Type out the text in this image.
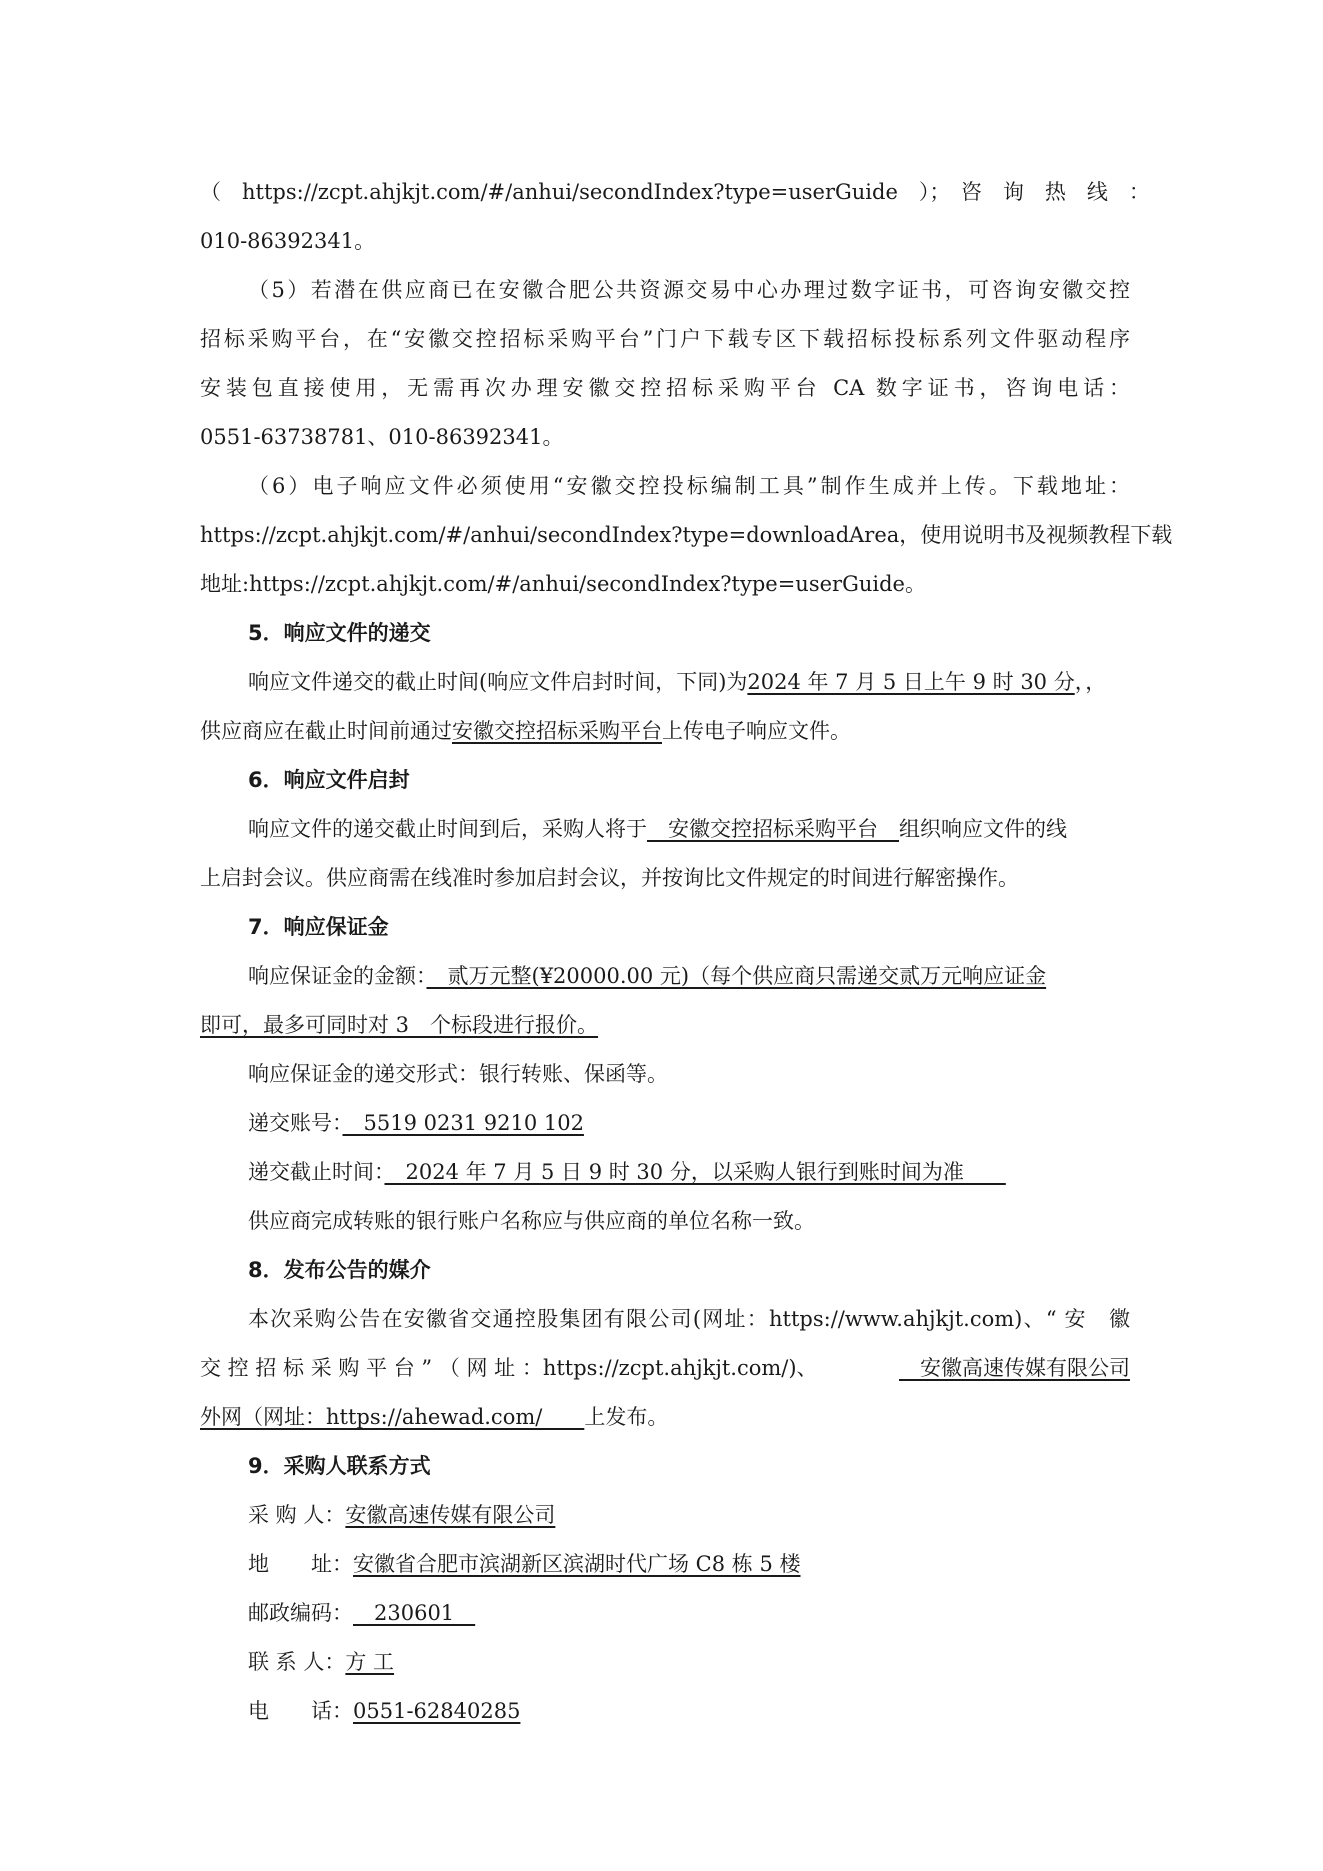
（　https://zcpt.ahjkjt.com/#/anhui/secondIndex?type=userGuide　）；　咨　询　热　线　：
010-86392341。
（5）若潜在供应商已在安徽合肥公共资源交易中心办理过数字证书，可咨询安徽交控
招标采购平台，在“安徽交控招标采购平台”门户下载专区下载招标投标系列文件驱动程序
安装包直接使用，无需再次办理安徽交控招标采购平台 CA 数字证书，咨询电话：
0551-63738781、010-86392341。
（6）电子响应文件必须使用“安徽交控投标编制工具”制作生成并上传。下载地址：
https://zcpt.ahjkjt.com/#/anhui/secondIndex?type=downloadArea，使用说明书及视频教程下载
地址:https://zcpt.ahjkjt.com/#/anhui/secondIndex?type=userGuide。
5．响应文件的递交
响应文件递交的截止时间(响应文件启封时间，下同)为2024 年 7 月 5 日上午 9 时 30 分，，
供应商应在截止时间前通过安徽交控招标采购平台上传电子响应文件。
6．响应文件启封
响应文件的递交截止时间到后，采购人将于　安徽交控招标采购平台　组织响应文件的线
上启封会议。供应商需在线准时参加启封会议，并按询比文件规定的时间进行解密操作。
7．响应保证金
响应保证金的金额：　贰万元整(¥20000.00 元)（每个供应商只需递交贰万元响应证金
即可，最多可同时对 3　个标段进行报价。
响应保证金的递交形式：银行转账、保函等。
递交账号：　5519 0231 9210 102
递交截止时间：　2024 年 7 月 5 日 9 时 30 分，以采购人银行到账时间为准　　
供应商完成转账的银行账户名称应与供应商的单位名称一致。
8．发布公告的媒介
本次采购公告在安徽省交通控股集团有限公司(网址：https://www.ahjkjt.com)、“ 安　徽
交 控 招 标 采 购 平 台 ” （ 网 址 ：https://zcpt.ahjkjt.com/)、	　安徽高速传媒有限公司
外网（网址：https://ahewad.com/　　上发布。
9．采购人联系方式
采 购 人：安徽高速传媒有限公司
地　　址：安徽省合肥市滨湖新区滨湖时代广场 C8 栋 5 楼
邮政编码：　230601　
联 系 人：方 工
电　　话：0551-62840285
